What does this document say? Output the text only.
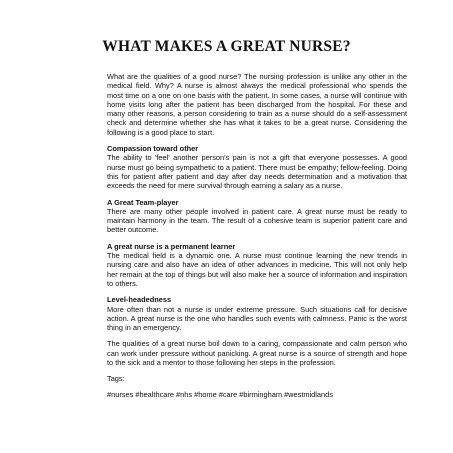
WHAT MAKES A GREAT NURSE?

What are the qualities of a good nurse? The nursing profession is unlike any other in the medical field. Why? A nurse is almost always the medical professional who spends the most time on a one on one basis with the patient. In some cases, a nurse will continue with home visits long after the patient has been discharged from the hospital. For these and many other reasons, a person considering to train as a nurse should do a self-assessment check and determine whether she has what it takes to be a great nurse. Considering the following is a good place to start.

Compassion toward other

The ability to 'feel' another person's pain is not a gift that everyone possesses. A good nurse must go being sympathetic to a patient. There must be empathy; fellow-feeling. Doing this for patient after patient and day after day needs determination and a motivation that exceeds the need for mere survival through earning a salary as a nurse.

A Great Team-player

There are many other people involved in patient care. A great nurse must be ready to maintain harmony in the team. The result of a cohesive team is superior patient care and better outcome.

A great nurse is a permanent learner

The medical field is a dynamic one. A nurse must continue learning the new trends in nursing care and also have an idea of other advances in medicine. This will not only help her remain at the top of things but will also make her a source of information and inspiration to others.

Level-headedness

More often than not a nurse is under extreme pressure. Such situations call for decisive action. A great nurse is the one who handles such events with calmness. Panic is the worst thing in an emergency.

The qualities of a great nurse boil down to a caring, compassionate and calm person who can work under pressure without panicking. A great nurse is a source of strength and hope to the sick and a mentor to those following her steps in the profession.

Tags:

#nurses #healthcare #nhs #home #care #birmingham #westmidlands
